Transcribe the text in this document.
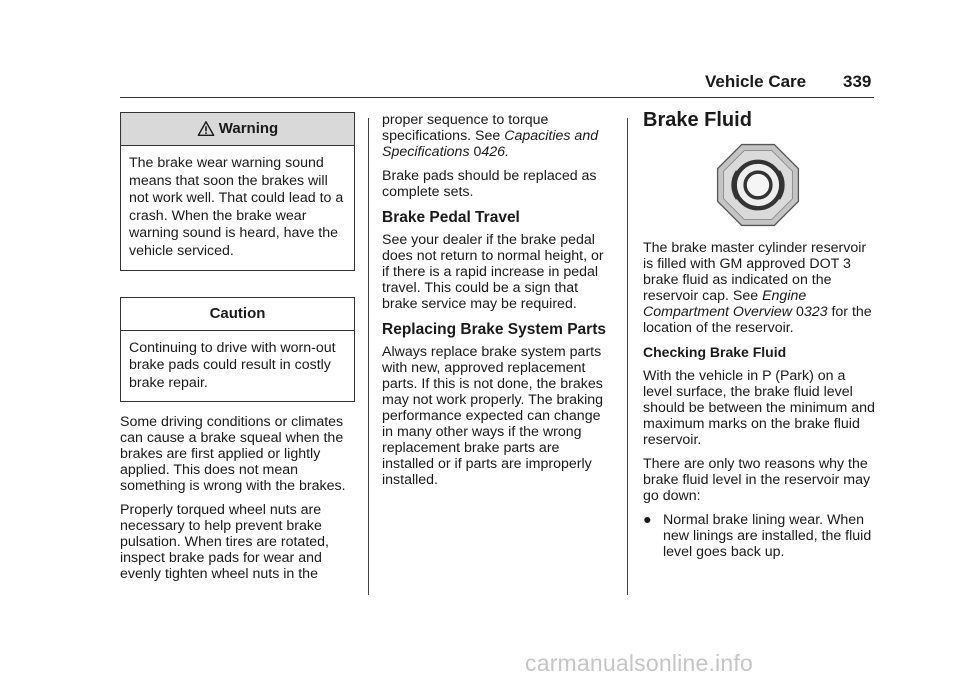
Vehicle Care 339
Warning
The brake wear warning sound means that soon the brakes will not work well. That could lead to a crash. When the brake wear warning sound is heard, have the vehicle serviced.
Caution
Continuing to drive with worn-out brake pads could result in costly brake repair.

Some driving conditions or climates can cause a brake squeal when the brakes are first applied or lightly applied. This does not mean something is wrong with the brakes.

Properly torqued wheel nuts are necessary to help prevent brake pulsation. When tires are rotated, inspect brake pads for wear and evenly tighten wheel nuts in the

proper sequence to torque specifications. See Capacities and Specifications 0426.

Brake pads should be replaced as complete sets.

Brake Pedal Travel

See your dealer if the brake pedal does not return to normal height, or if there is a rapid increase in pedal travel. This could be a sign that brake service may be required.

Replacing Brake System Parts

Always replace brake system parts with new, approved replacement parts. If this is not done, the brakes may not work properly. The braking performance expected can change in many other ways if the wrong replacement brake parts are installed or if parts are improperly installed.

Brake Fluid

The brake master cylinder reservoir is filled with GM approved DOT 3 brake fluid as indicated on the reservoir cap. See Engine Compartment Overview 0323 for the location of the reservoir.

Checking Brake Fluid

With the vehicle in P (Park) on a level surface, the brake fluid level should be between the minimum and maximum marks on the brake fluid reservoir.

There are only two reasons why the brake fluid level in the reservoir may go down:

● Normal brake lining wear. When new linings are installed, the fluid level goes back up.
carmanualsonline.info
